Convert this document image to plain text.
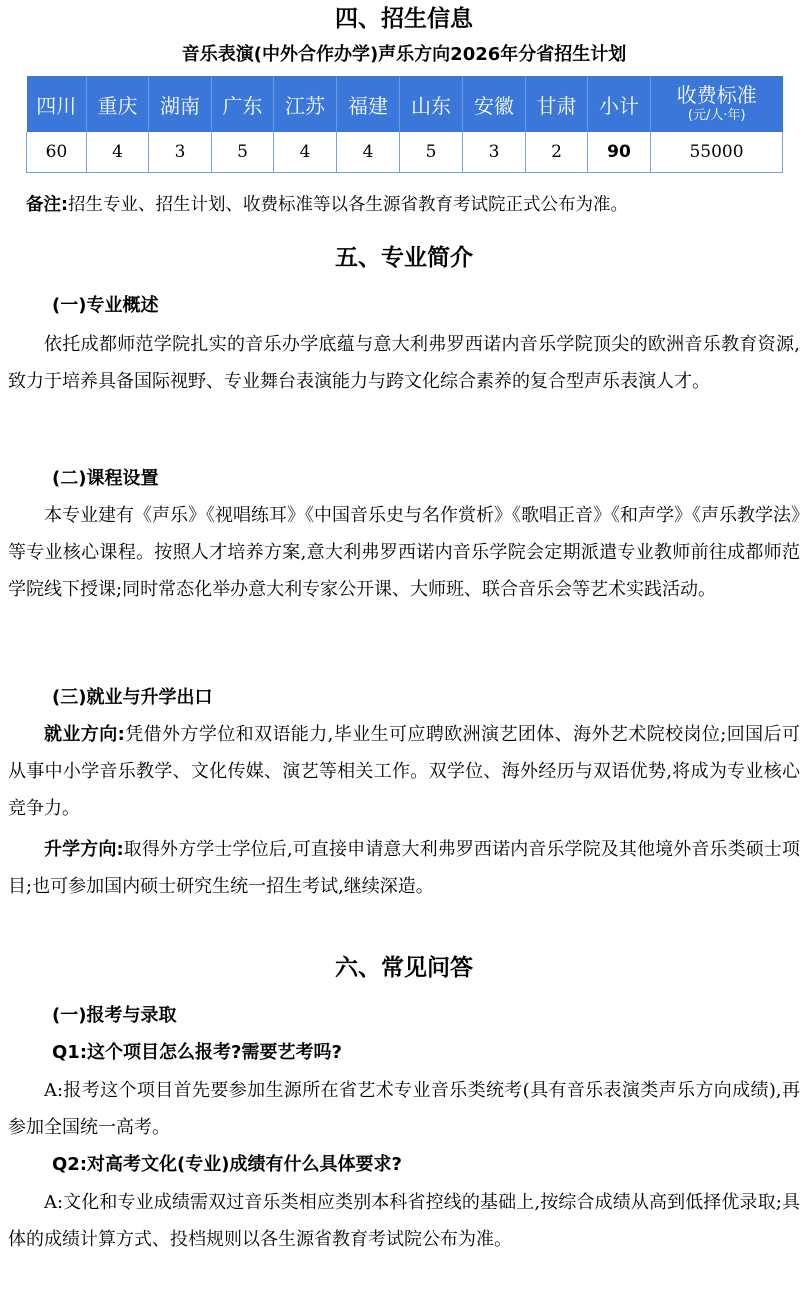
四、招生信息
音乐表演(中外合作办学)声乐方向2026年分省招生计划
四川	重庆	湖南	广东	江苏	福建	山东	安徽	甘肃	小计	收费标准
(元/人·年)

60	4	3	5	4	4	5	3	2	90	55000
备注:招生专业、招生计划、收费标准等以各生源省教育考试院正式公布为准。
五、专业简介
(一)专业概述

依托成都师范学院扎实的音乐办学底蕴与意大利弗罗西诺内音乐学院顶尖的欧洲音乐教育资源,致力于培养具备国际视野、专业舞台表演能力与跨文化综合素养的复合型声乐表演人才。

(二)课程设置

本专业建有《声乐》《视唱练耳》《中国音乐史与名作赏析》《歌唱正音》《和声学》《声乐教学法》等专业核心课程。按照人才培养方案,意大利弗罗西诺内音乐学院会定期派遣专业教师前往成都师范学院线下授课;同时常态化举办意大利专家公开课、大师班、联合音乐会等艺术实践活动。

(三)就业与升学出口

就业方向:凭借外方学位和双语能力,毕业生可应聘欧洲演艺团体、海外艺术院校岗位;回国后可从事中小学音乐教学、文化传媒、演艺等相关工作。双学位、海外经历与双语优势,将成为专业核心竞争力。

升学方向:取得外方学士学位后,可直接申请意大利弗罗西诺内音乐学院及其他境外音乐类硕士项目;也可参加国内硕士研究生统一招生考试,继续深造。

六、常见问答
(一)报考与录取
Q1:这个项目怎么报考?需要艺考吗?

A:报考这个项目首先要参加生源所在省艺术专业音乐类统考(具有音乐表演类声乐方向成绩),再参加全国统一高考。

Q2:对高考文化(专业)成绩有什么具体要求?

A:文化和专业成绩需双过音乐类相应类别本科省控线的基础上,按综合成绩从高到低择优录取;具体的成绩计算方式、投档规则以各生源省教育考试院公布为准。
